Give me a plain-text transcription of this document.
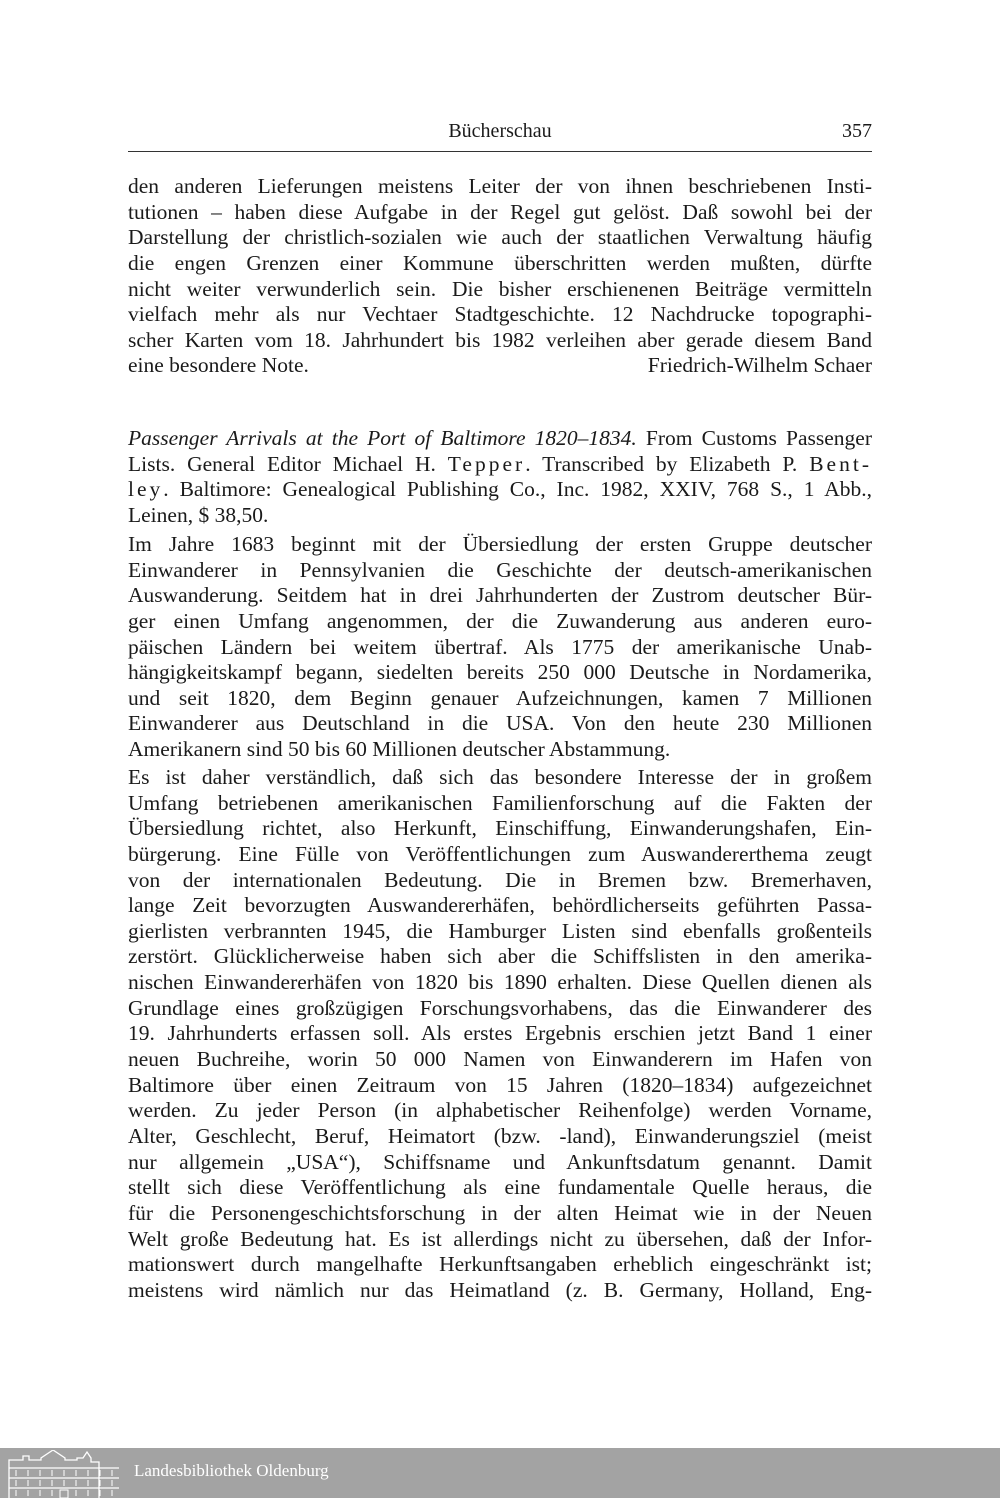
Bücherschau	357
den anderen Lieferungen meistens Leiter der von ihnen beschriebenen Insti-
tutionen – haben diese Aufgabe in der Regel gut gelöst. Daß sowohl bei der
Darstellung der christlich-sozialen wie auch der staatlichen Verwaltung häufig
die engen Grenzen einer Kommune überschritten werden mußten, dürfte
nicht weiter verwunderlich sein. Die bisher erschienenen Beiträge vermitteln
vielfach mehr als nur Vechtaer Stadtgeschichte. 12 Nachdrucke topographi-
scher Karten vom 18. Jahrhundert bis 1982 verleihen aber gerade diesem Band
eine besondere Note.	Friedrich-Wilhelm Schaer
Passenger Arrivals at the Port of Baltimore 1820–1834. From Customs Passenger
Lists. General Editor Michael H. Tepper. Transcribed by Elizabeth P. Bent-
ley. Baltimore: Genealogical Publishing Co., Inc. 1982, XXIV, 768 S., 1 Abb.,
Leinen, $ 38,50.
Im Jahre 1683 beginnt mit der Übersiedlung der ersten Gruppe deutscher
Einwanderer in Pennsylvanien die Geschichte der deutsch-amerikanischen
Auswanderung. Seitdem hat in drei Jahrhunderten der Zustrom deutscher Bür-
ger einen Umfang angenommen, der die Zuwanderung aus anderen euro-
päischen Ländern bei weitem übertraf. Als 1775 der amerikanische Unab-
hängigkeitskampf begann, siedelten bereits 250 000 Deutsche in Nordamerika,
und seit 1820, dem Beginn genauer Aufzeichnungen, kamen 7 Millionen
Einwanderer aus Deutschland in die USA. Von den heute 230 Millionen
Amerikanern sind 50 bis 60 Millionen deutscher Abstammung.
Es ist daher verständlich, daß sich das besondere Interesse der in großem
Umfang betriebenen amerikanischen Familienforschung auf die Fakten der
Übersiedlung richtet, also Herkunft, Einschiffung, Einwanderungshafen, Ein-
bürgerung. Eine Fülle von Veröffentlichungen zum Auswandererthema zeugt
von der internationalen Bedeutung. Die in Bremen bzw. Bremerhaven,
lange Zeit bevorzugten Auswandererhäfen, behördlicherseits geführten Passa-
gierlisten verbrannten 1945, die Hamburger Listen sind ebenfalls großenteils
zerstört. Glücklicherweise haben sich aber die Schiffslisten in den amerika-
nischen Einwandererhäfen von 1820 bis 1890 erhalten. Diese Quellen dienen als
Grundlage eines großzügigen Forschungsvorhabens, das die Einwanderer des
19. Jahrhunderts erfassen soll. Als erstes Ergebnis erschien jetzt Band 1 einer
neuen Buchreihe, worin 50 000 Namen von Einwanderern im Hafen von
Baltimore über einen Zeitraum von 15 Jahren (1820–1834) aufgezeichnet
werden. Zu jeder Person (in alphabetischer Reihenfolge) werden Vorname,
Alter, Geschlecht, Beruf, Heimatort (bzw. -land), Einwanderungsziel (meist
nur allgemein „USA“), Schiffsname und Ankunftsdatum genannt. Damit
stellt sich diese Veröffentlichung als eine fundamentale Quelle heraus, die
für die Personengeschichtsforschung in der alten Heimat wie in der Neuen
Welt große Bedeutung hat. Es ist allerdings nicht zu übersehen, daß der Infor-
mationswert durch mangelhafte Herkunftsangaben erheblich eingeschränkt ist;
meistens wird nämlich nur das Heimatland (z. B. Germany, Holland, Eng-
Landesbibliothek Oldenburg
